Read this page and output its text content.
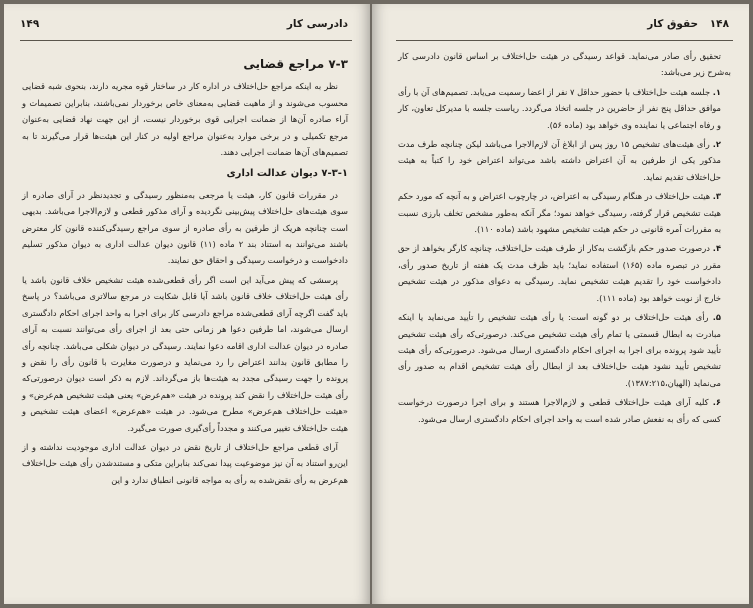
دادرسی کار
۱۴۹
۷-۳ مراجع قضایی

نظر به اینکه مراجع حل‌اختلاف در اداره کار در ساختار قوه مجریه دارند، بنحوی شبه قضایی محسوب می‌شوند و از ماهیت قضایی به‌معنای خاص برخوردار نمی‌باشند، بنابراین تصمیمات و آراء صادره آن‌ها از ضمانت اجرایی قوی برخوردار نیست، از این جهت نهاد قضایی به‌عنوان مرجع تکمیلی و در برخی موارد به‌عنوان مراجع اولیه در کنار این هیئت‌ها قرار می‌گیرند تا به تصمیم‌های آن‌ها ضمانت اجرایی دهند.

۷-۳-۱ دیوان عدالت اداری

در مقررات قانون کار، هیئت یا مرجعی به‌منظور رسیدگی و تجدیدنظر در آرای صادره از سوی هیئت‌های حل‌اختلاف پیش‌بینی نگردیده و آرای مذکور قطعی و لازم‌الاجرا می‌باشد. بدیهی است چنانچه هریک از طرفین به رأی صادره از سوی مراجع رسیدگی‌کننده قانون کار معترض باشند می‌توانند به استناد بند ۲ ماده (۱۱) قانون دیوان عدالت اداری به دیوان مذکور تسلیم دادخواست و درخواست رسیدگی و احقاق حق نمایند.

پرسشی که پیش می‌آید این است اگر رأی قطعی‌شده هیئت تشخیص خلاف قانون باشد یا رأی هیئت حل‌اختلاف خلاف قانون باشد آیا قابل شکایت در مرجع سالاتری می‌باشد؟ در پاسخ باید گفت اگرچه آرای قطعی‌شده مراجع دادرسی کار برای اجرا به واحد اجرای احکام دادگستری ارسال می‌شوند، اما طرفین دعوا هر زمانی حتی بعد از اجرای رأی می‌توانند نسبت به آرای صادره در دیوان عدالت اداری اقامه دعوا نمایند. رسیدگی در دیوان شکلی می‌باشد. چنانچه رأی را مطابق قانون بدانند اعتراض را رد می‌نماید و درصورت مغایرت با قانون رأی را نقض و پرونده را جهت رسیدگی مجدد به هیئت‌ها باز می‌گرداند. لازم به ذکر است دیوان درصورتی‌که رأی هیئت حل‌اختلاف را نقض کند پرونده در هیئت «هم‌عرض» یعنی هیئت تشخیص هم‌عرض» و «هیئت حل‌اختلاف هم‌عرض» مطرح می‌شود. در هیئت «هم‌عرض» اعضای هیئت تشخیص و هیئت حل‌اختلاف تغییر می‌کنند و مجدداً رأی‌گیری صورت می‌گیرد.

آرای قطعی مراجع حل‌اختلاف از تاریخ نقض در دیوان عدالت اداری موجودیت نداشته و از این‌رو استناد به آن نیز موضوعیت پیدا نمی‌کند بنابراین متکی و مستندشدن رأی هیئت حل‌اختلاف هم‌عرض به رأی نقض‌شده به رأی به مواجه قانونی انطباق ندارد و این

۱۴۸ حقوق کار

تحقیق رأی صادر می‌نماید. قواعد رسیدگی در هیئت حل‌اختلاف بر اساس قانون دادرسی کار به‌شرح زیر می‌باشد:

۱. جلسه هیئت حل‌اختلاف با حضور حداقل ۷ نفر از اعضا رسمیت می‌یابد. تصمیم‌های آن با رأی موافق حداقل پنج نفر از حاضرین در جلسه اتخاذ می‌گردد. ریاست جلسه با مدیرکل تعاون، کار و رفاه اجتماعی یا نماینده وی خواهد بود (ماده ۵۶).
۲. رأی هیئت‌های تشخیص ۱۵ روز پس از ابلاغ آن لازم‌الاجرا می‌باشد لیکن چنانچه طرف مدت مذکور یکی از طرفین به آن اعتراض داشته باشد می‌تواند اعتراض خود را کتباً به هیئت حل‌اختلاف تقدیم نماید.
۳. هیئت حل‌اختلاف در هنگام رسیدگی به اعتراض، در چارچوب اعتراض و به آنچه که مورد حکم هیئت تشخیص قرار گرفته، رسیدگی خواهد نمود؛ مگر آنکه به‌طور مشخص تخلف بارزی نسبت به مقررات آمره قانونی در حکم هیئت تشخیص مشهود باشد (ماده ۱۱۰).
۴. درصورت صدور حکم بازگشت به‌کار از طرف هیئت حل‌اختلاف، چنانچه کارگر بخواهد از حق مقرر در تبصره ماده (۱۶۵) استفاده نماید؛ باید ظرف مدت یک هفته از تاریخ صدور رأی، دادخواست خود را تقدیم هیئت تشخیص نماید. رسیدگی به دعوای مذکور در هیئت تشخیص خارج از نوبت خواهد بود (ماده ۱۱۱).
۵. رأی هیئت حل‌اختلاف بر دو گونه است: یا رأی هیئت تشخیص را تأیید می‌نماید یا اینکه مبادرت به ابطال قسمتی یا تمام رأی هیئت تشخیص می‌کند. درصورتی‌که رأی هیئت تشخیص تأیید شود پرونده برای اجرا به اجرای احکام دادگستری ارسال می‌شود. درصورتی‌که رأی هیئت تشخیص تأیید نشود هیئت حل‌اختلاف بعد از ابطال رأی هیئت تشخیص اقدام به صدور رأی می‌نماید (الهیان،۱۳۸۷:۲۱۵).
۶. کلیه آرای هیئت حل‌اختلاف قطعی و لازم‌الاجرا هستند و برای اجرا درصورت درخواست کسی که رأی به نفعش صادر شده است به واحد اجرای احکام دادگستری ارسال می‌شود.
